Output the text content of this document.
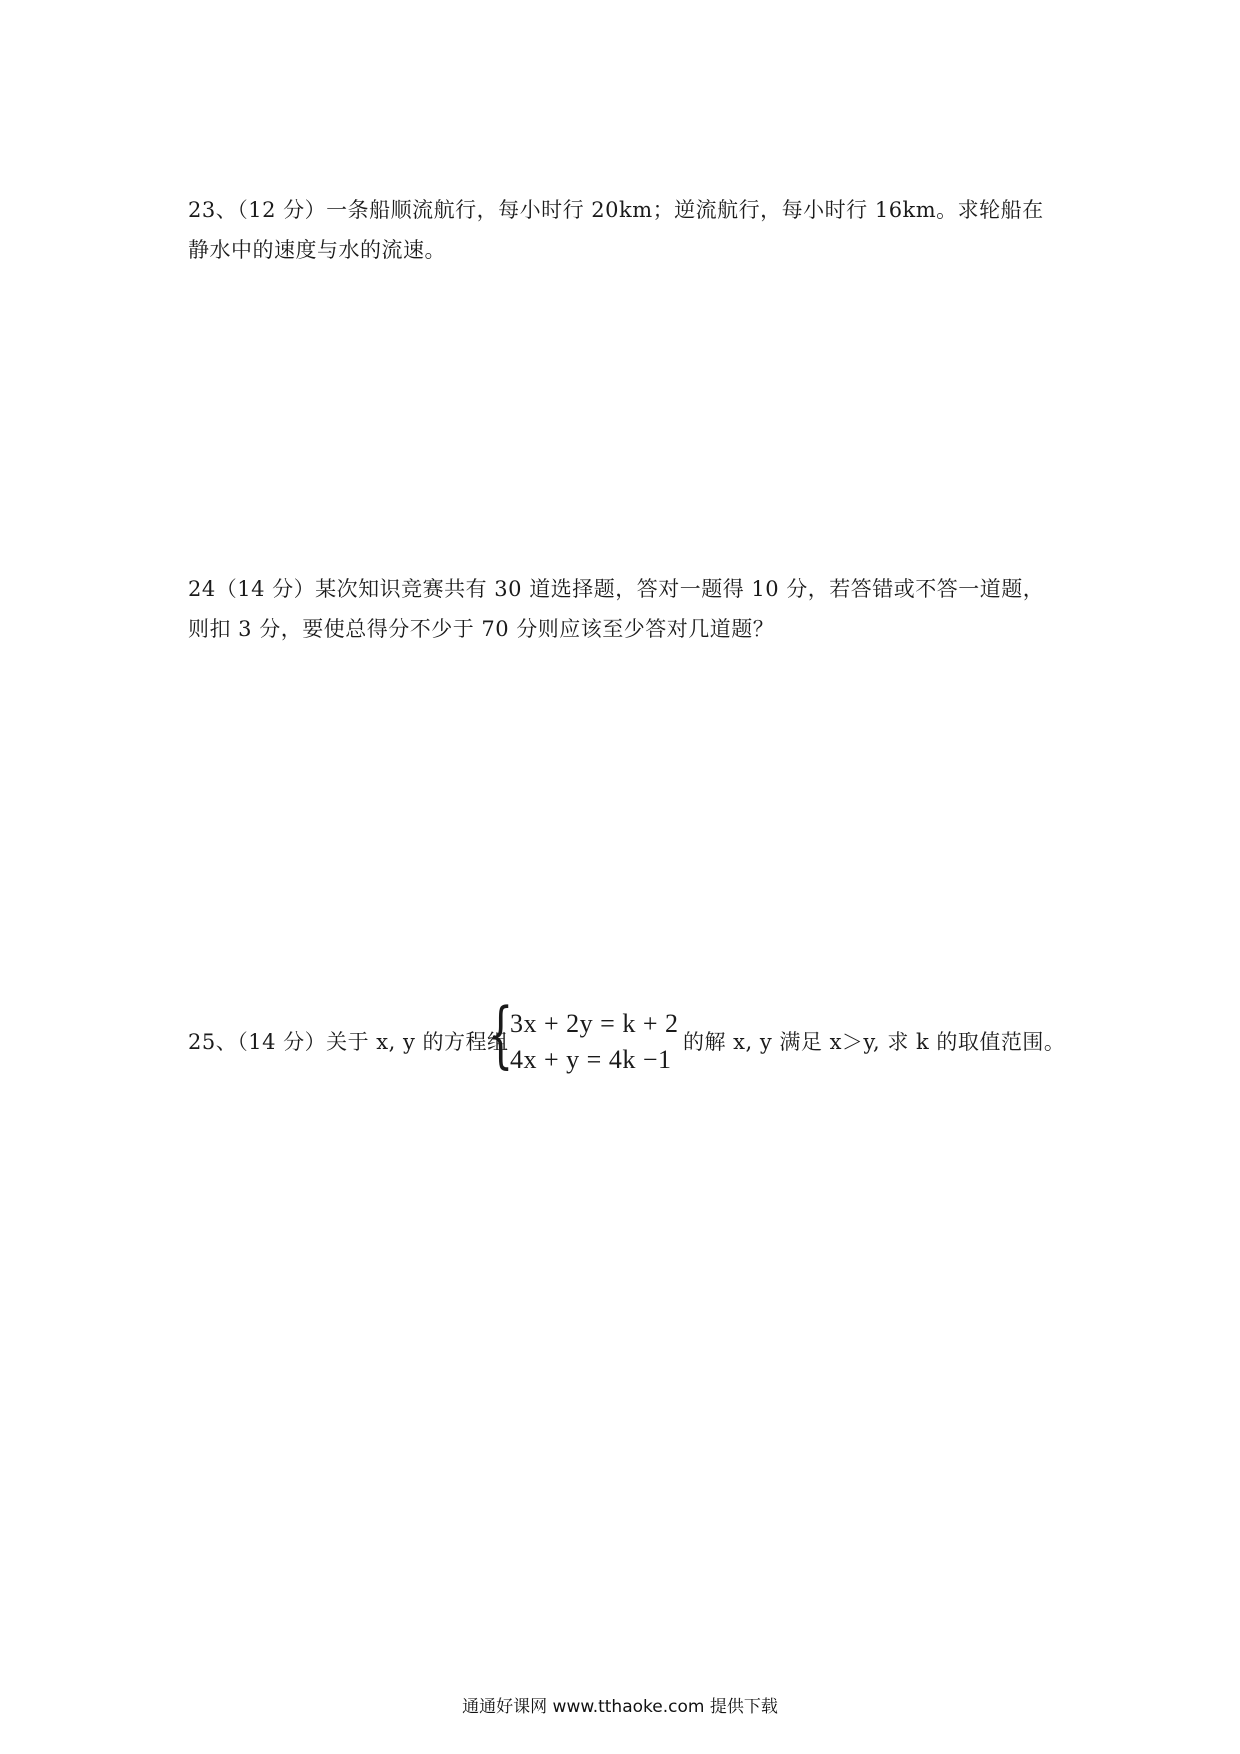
23、（12 分）一条船顺流航行，每小时行 20km；逆流航行，每小时行 16km。求轮船在静水中的速度与水的流速。
24（14 分）某次知识竞赛共有 30 道选择题，答对一题得 10 分，若答错或不答一道题，则扣 3 分，要使总得分不少于 70 分则应该至少答对几道题？
25、（14 分）关于 x, y 的方程组
{
3x + 2y = k + 2
4x + y = 4k −1
的解 x, y 满足 x＞y, 求 k 的取值范围。
通通好课网 www.tthaoke.com 提供下载
